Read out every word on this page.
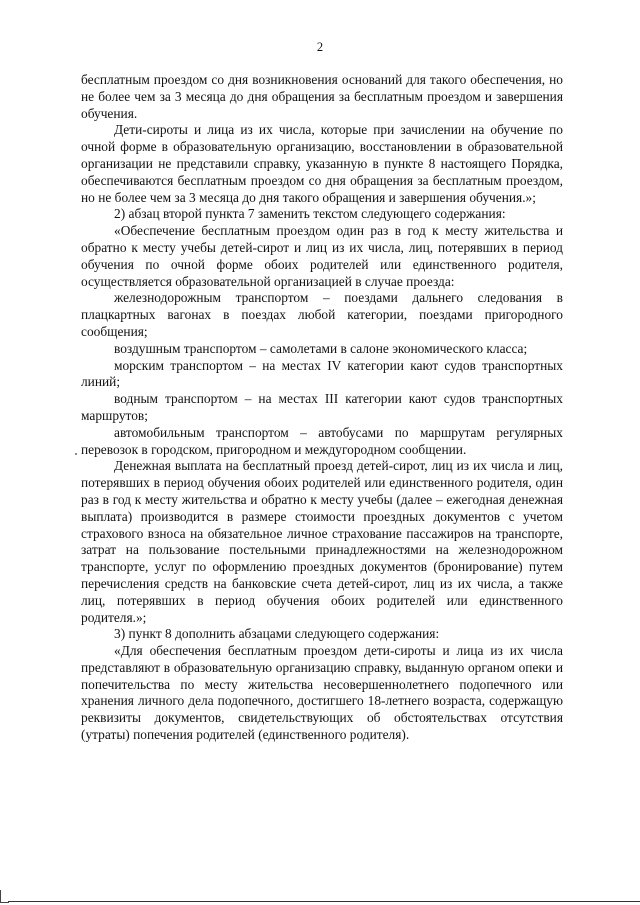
2

бесплатным проездом со дня возникновения оснований для такого обеспечения, но не более чем за 3 месяца до дня обращения за бесплатным проездом и завершения обучения.

Дети-сироты и лица из их числа, которые при зачислении на обучение по очной форме в образовательную организацию, восстановлении в образовательной организации не представили справку, указанную в пункте 8 настоящего Порядка, обеспечиваются бесплатным проездом со дня обращения за бесплатным проездом, но не более чем за 3 месяца до дня такого обращения и завершения обучения.»;

2) абзац второй пункта 7 заменить текстом следующего содержания:

«Обеспечение бесплатным проездом один раз в год к месту жительства и обратно к месту учебы детей-сирот и лиц из их числа, лиц, потерявших в период обучения по очной форме обоих родителей или единственного родителя, осуществляется образовательной организацией в случае проезда:

железнодорожным транспортом – поездами дальнего следования в плацкартных вагонах в поездах любой категории, поездами пригородного сообщения;

воздушным транспортом – самолетами в салоне экономического класса;

морским транспортом – на местах IV категории кают судов транспортных линий;

водным транспортом – на местах III категории кают судов транспортных маршрутов;

автомобильным транспортом – автобусами по маршрутам регулярных перевозок в городском, пригородном и междугородном сообщении.

Денежная выплата на бесплатный проезд детей-сирот, лиц из их числа и лиц, потерявших в период обучения обоих родителей или единственного родителя, один раз в год к месту жительства и обратно к месту учебы (далее – ежегодная денежная выплата) производится в размере стоимости проездных документов с учетом страхового взноса на обязательное личное страхование пассажиров на транспорте, затрат на пользование постельными принадлежностями на железнодорожном транспорте, услуг по оформлению проездных документов (бронирование) путем перечисления средств на банковские счета детей-сирот, лиц из их числа, а также лиц, потерявших в период обучения обоих родителей или единственного родителя.»;

3) пункт 8 дополнить абзацами следующего содержания:

«Для обеспечения бесплатным проездом дети-сироты и лица из их числа представляют в образовательную организацию справку, выданную органом опеки и попечительства по месту жительства несовершеннолетнего подопечного или хранения личного дела подопечного, достигшего 18-летнего возраста, содержащую реквизиты документов, свидетельствующих об обстоятельствах отсутствия (утраты) попечения родителей (единственного родителя).
